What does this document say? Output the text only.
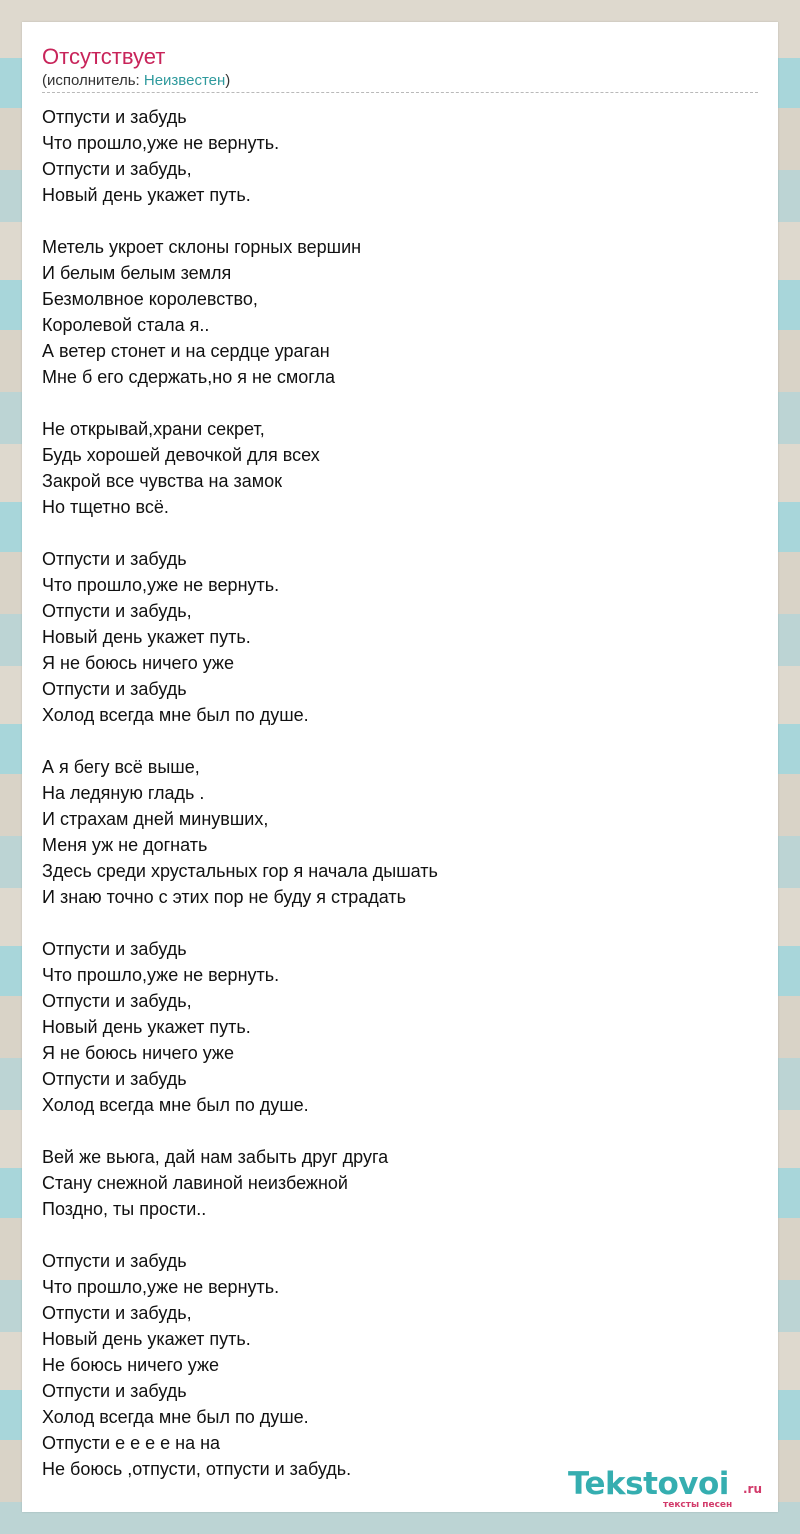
Отсутствует
(исполнитель: Неизвестен)
Отпусти и забудь
Что прошло,уже не вернуть.
Отпусти и забудь,
Новый день укажет путь.
Метель укроет склоны горных вершин
И белым белым земля
Безмолвное королевство,
Королевой стала я..
А ветер стонет и на сердце ураган
Мне б его сдержать,но я не смогла
Не открывай,храни секрет,
Будь хорошей девочкой для всех
Закрой все чувства на замок
Но тщетно всё.
Отпусти и забудь
Что прошло,уже не вернуть.
Отпусти и забудь,
Новый день укажет путь.
Я не боюсь ничего уже
Отпусти и забудь
Холод всегда мне был по душе.
А я бегу всё выше,
На ледяную гладь .
И страхам дней минувших,
Меня уж не догнать
Здесь среди хрустальных гор я начала дышать
И знаю точно с этих пор не буду я страдать
Отпусти и забудь
Что прошло,уже не вернуть.
Отпусти и забудь,
Новый день укажет путь.
Я не боюсь ничего уже
Отпусти и забудь
Холод всегда мне был по душе.
Вей же вьюга, дай нам забыть друг друга
Стану снежной лавиной неизбежной
Поздно, ты прости..
Отпусти и забудь
Что прошло,уже не вернуть.
Отпусти и забудь,
Новый день укажет путь.
Не боюсь ничего уже
Отпусти и забудь
Холод всегда мне был по душе.
Отпусти е е е е на на
Не боюсь ,отпусти, отпусти и забудь.	Tekstovoi .ru
тексты песен
